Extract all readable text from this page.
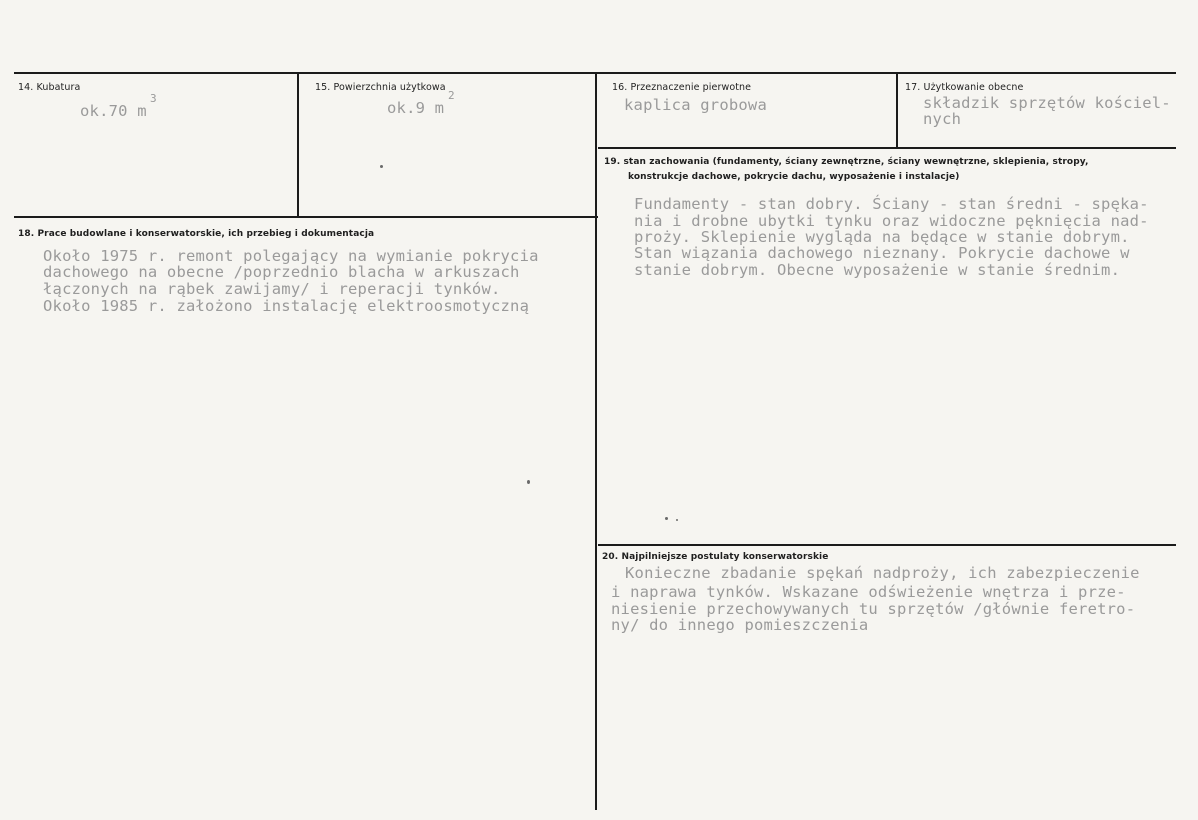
14. Kubatura
ok.70 m
3
15. Powierzchnia użytkowa
ok.9 m
2
16. Przeznaczenie pierwotne
kaplica grobowa
17. Użytkowanie obecne
składzik sprzętów kościel-
nych
18. Prace budowlane i konserwatorskie, ich przebieg i dokumentacja
Około 1975 r. remont polegający na wymianie pokrycia
dachowego na obecne /poprzednio blacha w arkuszach
łączonych na rąbek zawijamy/ i reperacji tynków.
Około 1985 r. założono instalację elektroosmotyczną
19. stan zachowania (fundamenty, ściany zewnętrzne, ściany wewnętrzne, sklepienia, stropy,
konstrukcje dachowe, pokrycie dachu, wyposażenie i instalacje)
Fundamenty - stan dobry. Ściany - stan średni - spęka-
nia i drobne ubytki tynku oraz widoczne pęknięcia nad-
proży. Sklepienie wygląda na będące w stanie dobrym.
Stan wiązania dachowego nieznany. Pokrycie dachowe w
stanie dobrym. Obecne wyposażenie w stanie średnim.
20. Najpilniejsze postulaty konserwatorskie
Konieczne zbadanie spękań nadproży, ich zabezpieczenie
i naprawa tynków. Wskazane odświeżenie wnętrza i prze-
niesienie przechowywanych tu sprzętów /głównie feretro-
ny/ do innego pomieszczenia
